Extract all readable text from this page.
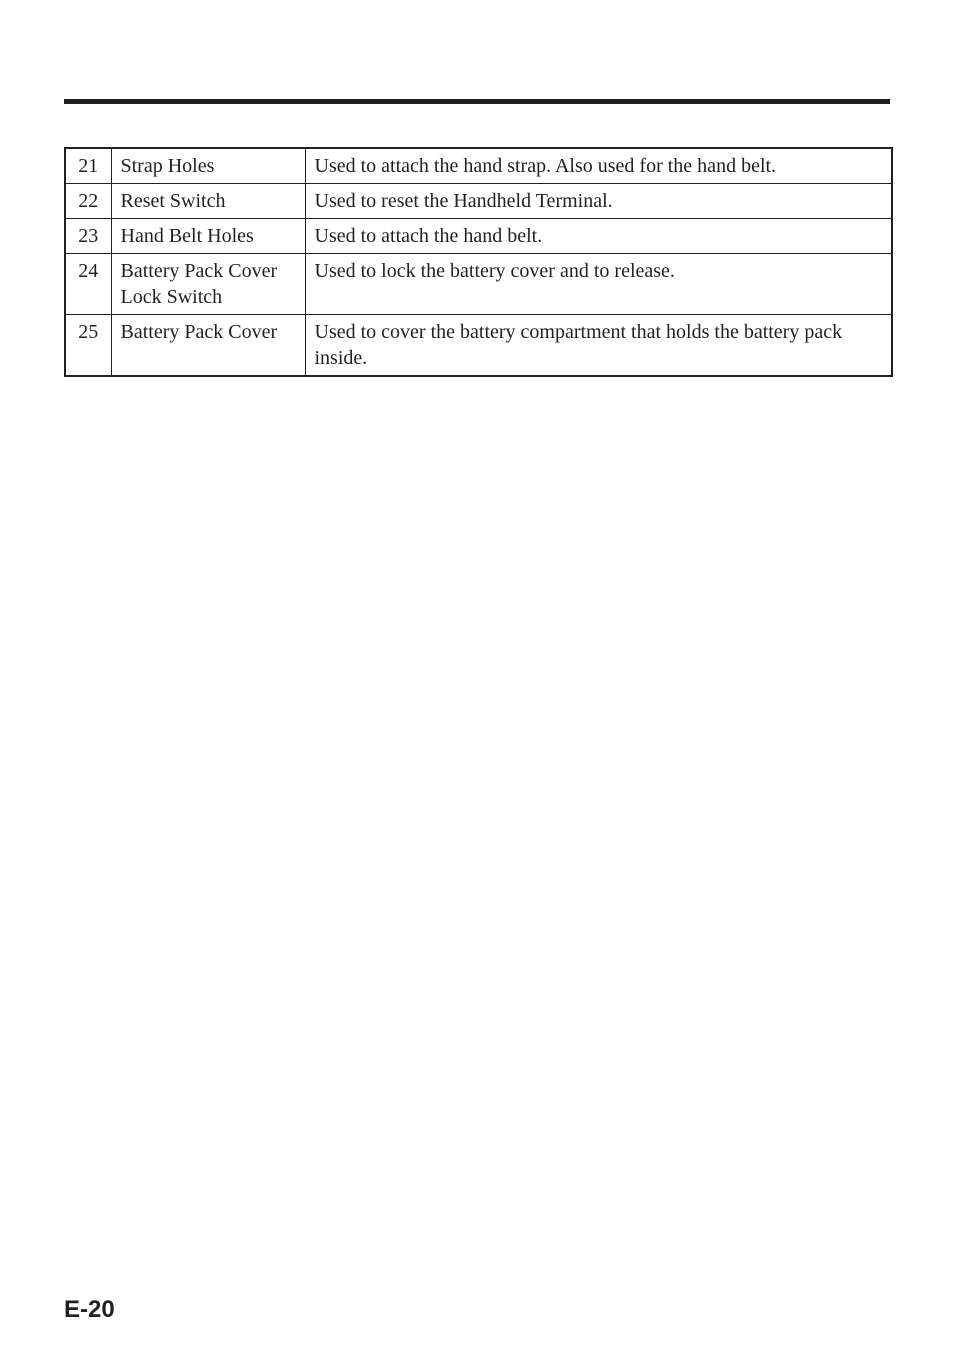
21	Strap Holes	Used to attach the hand strap. Also used for the hand belt.
22	Reset Switch	Used to reset the Handheld Terminal.
23	Hand Belt Holes	Used to attach the hand belt.
24	Battery Pack Cover Lock Switch	Used to lock the battery cover and to release.
25	Battery Pack Cover	Used to cover the battery compartment that holds the battery pack inside.
E-20
